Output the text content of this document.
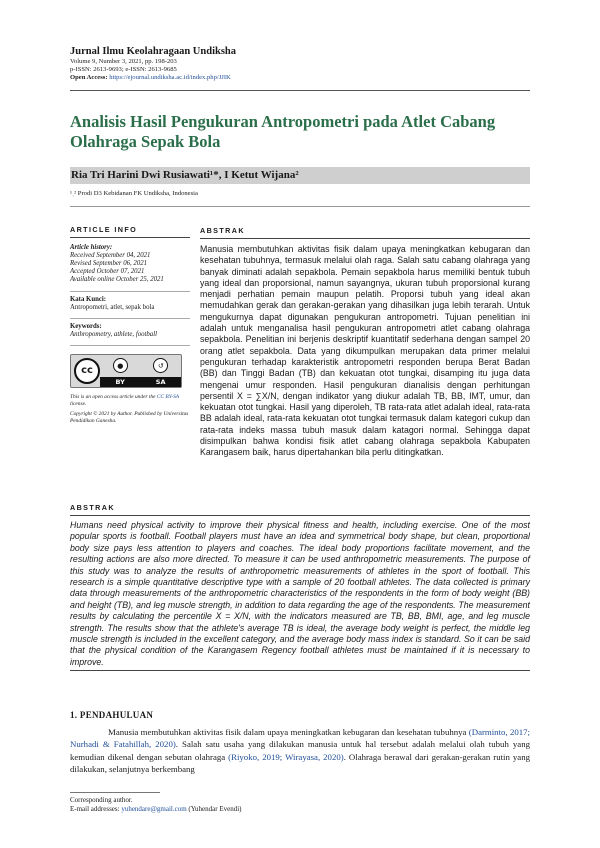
Jurnal Ilmu Keolahragaan Undiksha
Volume 9, Number 3, 2021, pp. 198-203
p-ISSN: 2613-9693; e-ISSN: 2613-9685
Open Access: https://ejournal.undiksha.ac.id/index.php/JJIK
Analisis Hasil Pengukuran Antropometri pada Atlet Cabang Olahraga Sepak Bola
Ria Tri Harini Dwi Rusiawati¹*, I Ketut Wijana²
¹ˌ² Prodi D3 Kebidanan FK Undiksha, Indonesia
ARTICLE INFO
Article history:
Received September 04, 2021
Revised September 06, 2021
Accepted October 07, 2021
Available online October 25, 2021
Kata Kunci:
Antropometri, atlet, sepak bola
Keywords:
Anthropometry, athlete, football
cc	●	↺
BY	SA
This is an open access article under the CC BY-SA license.
Copyright © 2021 by Author. Published by Universitas Pendidikan Ganesha.
ABSTRAK

Manusia membutuhkan aktivitas fisik dalam upaya meningkatkan kebugaran dan kesehatan tubuhnya, termasuk melalui olah raga. Salah satu cabang olahraga yang banyak diminati adalah sepakbola. Pemain sepakbola harus memiliki bentuk tubuh yang ideal dan proporsional, namun sayangnya, ukuran tubuh proporsional kurang menjadi perhatian pemain maupun pelatih. Proporsi tubuh yang ideal akan memudahkan gerak dan gerakan-gerakan yang dihasilkan juga lebih terarah. Untuk mengukurnya dapat digunakan pengukuran antropometri. Tujuan penelitian ini adalah untuk menganalisa hasil pengukuran antropometri atlet cabang olahraga sepakbola. Penelitian ini berjenis deskriptif kuantitatif sederhana dengan sampel 20 orang atlet sepakbola. Data yang dikumpulkan merupakan data primer melalui pengukuran terhadap karakteristik antropometri responden berupa Berat Badan (BB) dan Tinggi Badan (TB) dan kekuatan otot tungkai, disamping itu juga data mengenai umur responden. Hasil pengukuran dianalisis dengan perhitungan persentil X = ∑X/N, dengan indikator yang diukur adalah TB, BB, IMT, umur, dan kekuatan otot tungkai. Hasil yang diperoleh, TB rata-rata atlet adalah ideal, rata-rata BB adalah ideal, rata-rata kekuatan otot tungkai termasuk dalam kategori cukup dan rata-rata indeks massa tubuh masuk dalam katagori normal. Sehingga dapat disimpulkan bahwa kondisi fisik atlet cabang olahraga sepakbola Kabupaten Karangasem baik, harus dipertahankan bila perlu ditingkatkan.

ABSTRAK

Humans need physical activity to improve their physical fitness and health, including exercise. One of the most popular sports is football. Football players must have an idea and symmetrical body shape, but clean, proportional body size pays less attention to players and coaches. The ideal body proportions facilitate movement, and the resulting actions are also more directed. To measure it can be used anthropometric measurements. The purpose of this study was to analyze the results of anthropometric measurements of athletes in the sport of football. This research is a simple quantitative descriptive type with a sample of 20 football athletes. The data collected is primary data through measurements of the anthropometric characteristics of the respondents in the form of body weight (BB) and height (TB), and leg muscle strength, in addition to data regarding the age of the respondents. The measurement results by calculating the percentile X = X/N, with the indicators measured are TB, BB, BMI, age, and leg muscle strength. The results show that the athlete's average TB is ideal, the average body weight is perfect, the middle leg muscle strength is included in the excellent category, and the average body mass index is standard. So it can be said that the physical condition of the Karangasem Regency football athletes must be maintained if it is necessary to improve.

1. PENDAHULUAN

Manusia membutuhkan aktivitas fisik dalam upaya meningkatkan kebugaran dan kesehatan tubuhnya (Darminto, 2017; Nurhadi & Fatahillah, 2020). Salah satu usaha yang dilakukan manusia untuk hal tersebut adalah melalui olah tubuh yang kemudian dikenal dengan sebutan olahraga (Riyoko, 2019; Wirayasa, 2020). Olahraga berawal dari gerakan-gerakan rutin yang dilakukan, selanjutnya berkembang

Corresponding author.
E-mail addresses: yuhendare@gmail.com (Yuhendar Evendi)
